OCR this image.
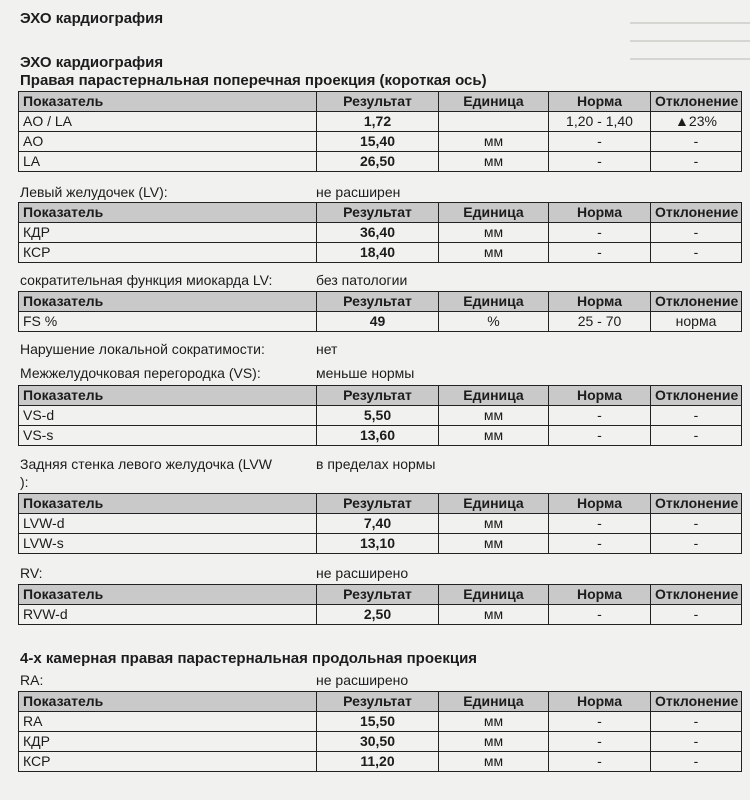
ЭХО кардиография
ЭХО кардиография
Правая парастернальная поперечная проекция (короткая ось)
Показатель	Результат	Единица	Норма	Отклонение
AO / LA	1,72		1,20 - 1,40	▲23%
AO	15,40	мм	-	-
LA	26,50	мм	-	-
Левый желудочек (LV):	не расширен
Показатель	Результат	Единица	Норма	Отклонение
КДР	36,40	мм	-	-
КСР	18,40	мм	-	-
сократительная функция миокарда LV:	без патологии
Показатель	Результат	Единица	Норма	Отклонение
FS %	49	%	25 - 70	норма
Нарушение локальной сократимости:	нет
Межжелудочковая перегородка (VS):	меньше нормы
Показатель	Результат	Единица	Норма	Отклонение
VS-d	5,50	мм	-	-
VS-s	13,60	мм	-	-
Задняя стенка левого желудочка (LVW	в пределах нормы
):
Показатель	Результат	Единица	Норма	Отклонение
LVW-d	7,40	мм	-	-
LVW-s	13,10	мм	-	-
RV:	не расширено
Показатель	Результат	Единица	Норма	Отклонение
RVW-d	2,50	мм	-	-
4-х камерная правая парастернальная продольная проекция
RA:	не расширено
Показатель	Результат	Единица	Норма	Отклонение
RA	15,50	мм	-	-
КДР	30,50	мм	-	-
КСР	11,20	мм	-	-
